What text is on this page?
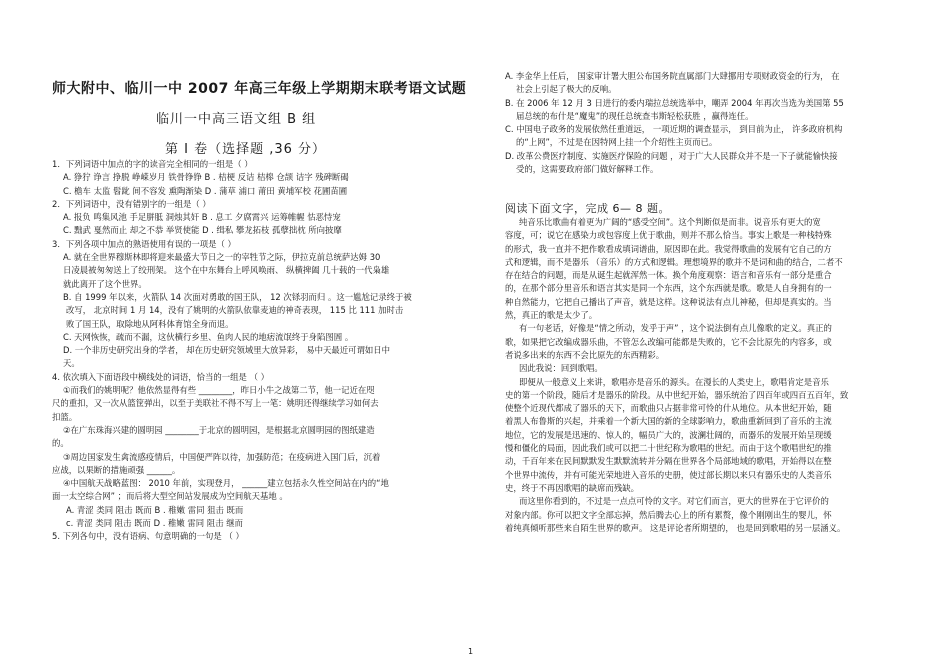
师大附中、临川一中 2007 年高三年级上学期期末联考语文试题
临川一中高三语文组 B 组
第 I 卷（选择题 ,36 分）
1．下列词语中加点的字的读音完全相同的一组是（ ）
A. 狰狞 诤言 挣脱 峥嵘岁月 铁骨铮铮 B . 桔梗 反诘 桔槔 仓颉 诘字 残碑断碣
C. 檐车 太监 髫龀 间不容发 熏陶渐染 D . 蒲草 浦口 莆田 黄埔军校 花圃苗圃
2．下列词语中，没有错别字的一组是（ ）
A. 报负 鸣集风池 手足胼胝 洞烛其奸 B . 息工 夕腐霄兴 运筹帷幄 怙恶恃宠
C. 黜武 戛然而止 却之不恭 举贤使能 D . 缉私 攀龙拓枝 孤孽拙枕 所向披靡
3．下列各项中加点的熟语使用有误的一项是（ ）
A. 就在全世界穆斯林即将迎来最盛大节日之一的宰牲节之际，伊拉克前总统萨达姆 30
日凌晨被匆匆送上了绞刑架。 这个在中东舞台上呼风唤雨、 纵横捭阖 几十载的一代枭雄
就此离开了这个世界。
B. 自 1999 年以来，火箭队 14 次面对勇敢的国王队， 12 次铩羽而归 。这一尴尬记录终于被
改写， 北京时间 1 月 14，没有了姚明的火箭队依靠麦迪的神奇表现， 115 比 111 加时击
败了国王队，取除地从阿科体育馆全身而退。
C. 天网恢恢，疏而不漏，这伙横行乡里、鱼肉人民的地痞流氓终于身陷图圄 。
D. 一个非历史研究出身的学者， 却在历史研究领域里大放异彩， 易中天最近可谓如日中
天。
4. 依次填入下面语段中横线处的词语，恰当的一组是 （ ）
①而我们的姚明呢？他依然显得有些 ________，昨日小牛之战第二节，他一记近在咫
尺的重扣，又一次从篮筐弹出，以至于美联社不得不写上一笔：姚明还得继续学习如何去
扣篮。
②在广东珠海兴建的圆明园 ________于北京的圆明园，是根据北京圆明园的图纸建造
的。
③周边国家发生禽流感疫情后，中国便严阵以待，加强防范；在疫病进入国门后，沉着
应战，以果断的措施顽强 ______。
④中国航天战略蓝图： 2010 年前，实现登月， ______建立包括永久性空间站在内的“地
面一太空综合网” ；而后将大型空间站发展成为空间航天基地 。
A. 青涩 类同 阻击 既而 B . 稚嫩 雷同 狙击 既而
c. 青涩 类同 阻击 既而 D . 稚嫩 雷同 阻击 继而
5. 下列各句中，没有语病、句意明确的一句是 （ ）
A. 李金华上任后， 国家审计署大胆公布国务院直属部门大肆挪用专项财政资金的行为， 在
社会上引起了极大的反响。
B. 在 2006 年 12 月 3 日进行的委内瑞拉总统选举中，嘲弄 2004 年再次当选为美国第 55
届总统的布什是“魔鬼”的现任总统查韦斯轻松获胜 ，赢得连任。
C. 中国电子政务的发展依然任重道远， 一项近期的调查显示， 到目前为止， 许多政府机构
的“上网”，不过是在因特网上挂一个介绍性主页而已。
D. 改革公费医疗制度、实施医疗保险的问题 ，对于广大人民群众并不是一下子就能愉快接
受的，这需要政府部门做好解释工作。
阅读下面文字，完成 6— 8 题。
纯音乐比歌曲有着更为广阔的“感受空间”。这个判断似是而非。说音乐有更大的宽
容度，可；说它在感染力或包容度上优于歌曲，则并不那么恰当。事实上歌是一种栈特殊
的形式，我一直并不把作歌看成填词谱曲，原因即在此。我觉得歌曲的发展有它自己的方
式和逻辑，而不是器乐 （音乐）的方式和逻辑。理想境界的歌并不是词和曲的结合，二者不
存在结合的问题，而是从诞生起就浑然一体。换个角度观察：语言和音乐有一部分是重合
的，在那个部分里音乐和语言其实是同一个东西，这个东西就是歌。歌是人自身拥有的一
种自然能力，它把自己播出了声音，就是这样。这种说法有点儿神秘，但却是真实的。当
然，真正的歌是太少了。
有一句老话，好像是“情之所动，发乎于声” ，这个说法倒有点儿像歌的定义。真正的
歌，如果把它改编成器乐曲，不管怎么改编可能都是失败的，它不会比原先的内容多，或
者说多出来的东西不会比原先的东西精彩。
因此我说：回到歌唱。
即便从一般意义上来讲，歌唱亦是音乐的源头。在漫长的人类史上，歌唱肯定是音乐
史的第一个阶段，随后才是器乐的阶段。从中世纪开始，器乐统治了四百年或四百五百年，致
使整个近现代都成了器乐的天下，而歌曲只占据非常可怜的什从地位。从本世纪开始，随
着黑人布鲁斯的兴起，并乘着一个新大国的新的全球影响力，歌曲重新回到了音乐的主流
地位，它的发展是迅速的、惊人的，幅员广大的，波澜壮阔的，而器乐的发展开始呈现缓
慢和僵化的局面，因此我们或可以把二十世纪称为歌唱的世纪。而由于这个歌唱世纪的推
动，千百年来在民间默默发生默默流转并分隔在世界各个局部地域的歌唱，开始得以在整
个世界中流传，并有可能光荣地进入音乐的史册，使过部长期以来只有器乐史的人类音乐
史，终于不再因歌唱的缺席而残缺。
而这里你看到的，不过是一点点可怜的文字。对它们而言，更大的世界在于它评价的
对象内部。你可以把文字全部忘掉，然后腾去心上的所有累赘，像个刚刚出生的婴儿，怀
着纯真倾听那些来自陌生世界的歌声。 这是评论者所期望的， 也是回到歌唱的另一层涵义。
1
